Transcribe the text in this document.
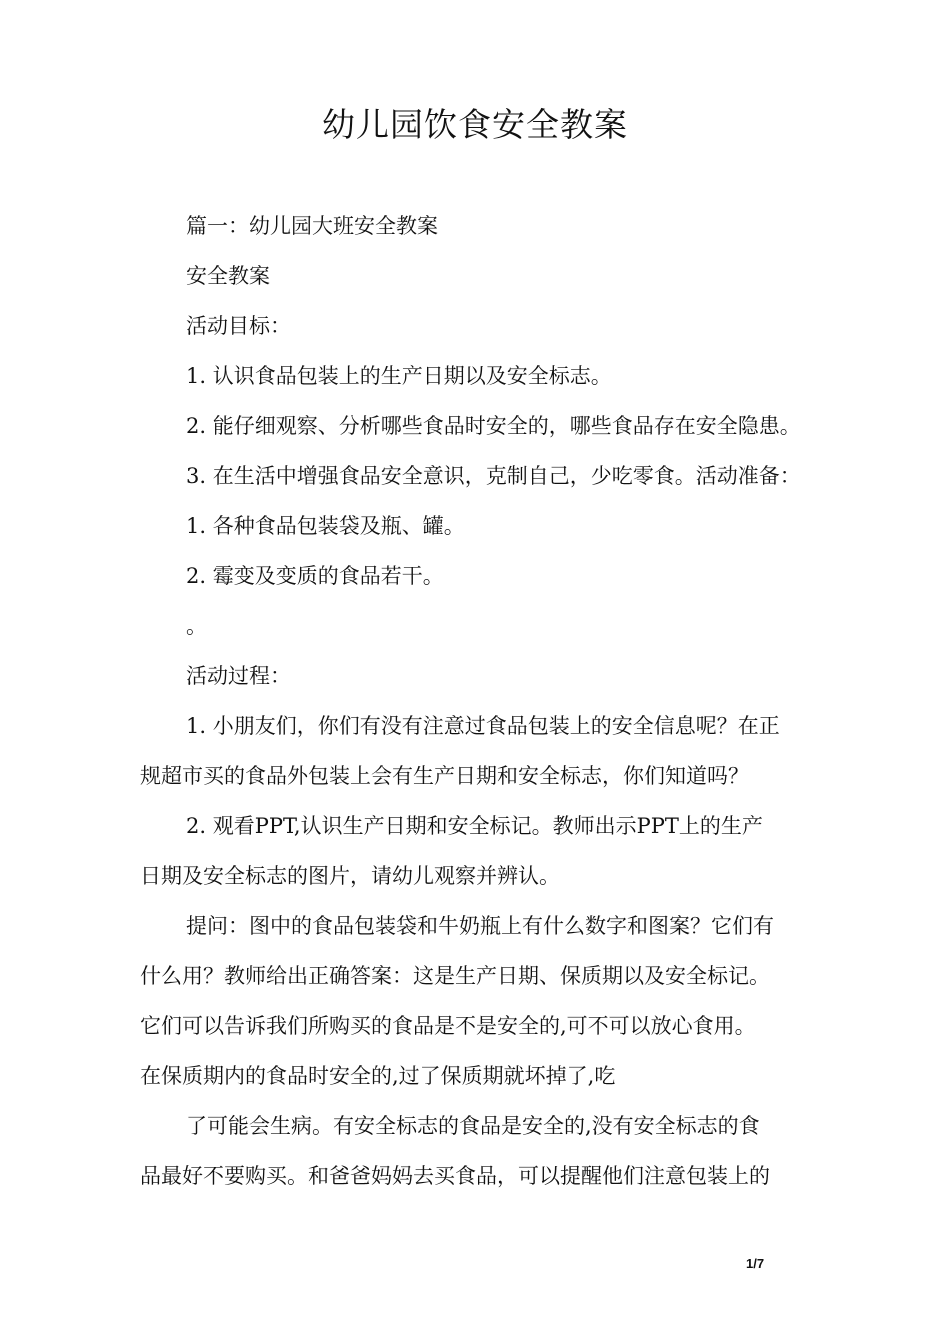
幼儿园饮食安全教案

篇一：幼儿园大班安全教案

安全教案

活动目标：

1. 认识食品包装上的生产日期以及安全标志。

2. 能仔细观察、分析哪些食品时安全的，哪些食品存在安全隐患。

3. 在生活中增强食品安全意识，克制自己，少吃零食。活动准备：

1. 各种食品包装袋及瓶、罐。

2. 霉变及变质的食品若干。

。

活动过程：

1. 小朋友们，你们有没有注意过食品包装上的安全信息呢？在正

规超市买的食品外包装上会有生产日期和安全标志，你们知道吗？

2. 观看PPT,认识生产日期和安全标记。教师出示PPT上的生产

日期及安全标志的图片，请幼儿观察并辨认。

提问：图中的食品包装袋和牛奶瓶上有什么数字和图案？它们有

什么用？教师给出正确答案：这是生产日期、保质期以及安全标记。

它们可以告诉我们所购买的食品是不是安全的,可不可以放心食用。

在保质期内的食品时安全的,过了保质期就坏掉了,吃

了可能会生病。有安全标志的食品是安全的,没有安全标志的食

品最好不要购买。和爸爸妈妈去买食品，可以提醒他们注意包装上的

1/7
